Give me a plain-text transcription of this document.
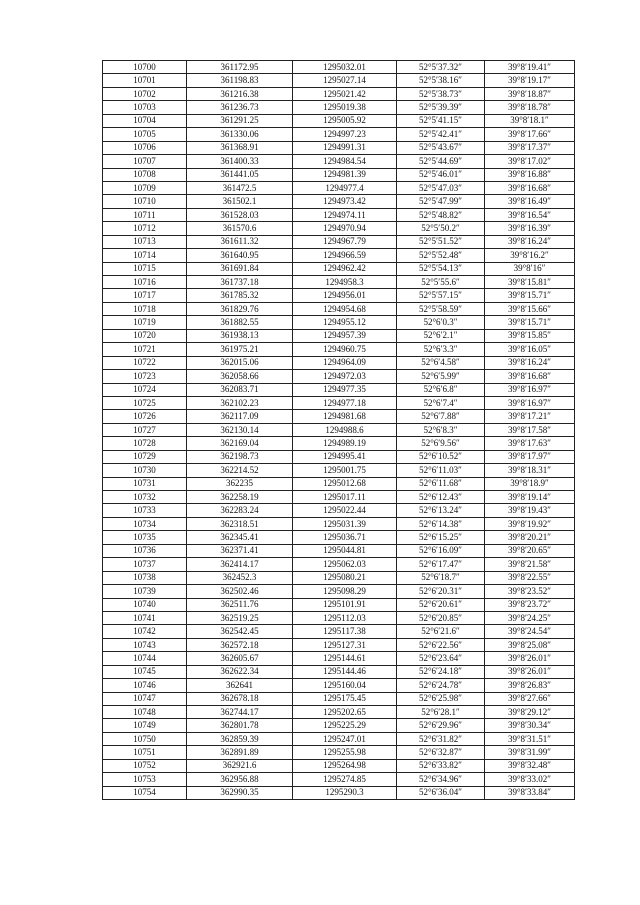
10700	361172.95	1295032.01	52°5′37.32″	39°8′19.41″
10701	361198.83	1295027.14	52°5′38.16″	39°8′19.17″
10702	361216.38	1295021.42	52°5′38.73″	39°8′18.87″
10703	361236.73	1295019.38	52°5′39.39″	39°8′18.78″
10704	361291.25	1295005.92	52°5′41.15″	39°8′18.1″
10705	361330.06	1294997.23	52°5′42.41″	39°8′17.66″
10706	361368.91	1294991.31	52°5′43.67″	39°8′17.37″
10707	361400.33	1294984.54	52°5′44.69″	39°8′17.02″
10708	361441.05	1294981.39	52°5′46.01″	39°8′16.88″
10709	361472.5	1294977.4	52°5′47.03″	39°8′16.68″
10710	361502.1	1294973.42	52°5′47.99″	39°8′16.49″
10711	361528.03	1294974.11	52°5′48.82″	39°8′16.54″
10712	361570.6	1294970.94	52°5′50.2″	39°8′16.39″
10713	361611.32	1294967.79	52°5′51.52″	39°8′16.24″
10714	361640.95	1294966.59	52°5′52.48″	39°8′16.2″
10715	361691.84	1294962.42	52°5′54.13″	39°8′16″
10716	361737.18	1294958.3	52°5′55.6″	39°8′15.81″
10717	361785.32	1294956.01	52°5′57.15″	39°8′15.71″
10718	361829.76	1294954.68	52°5′58.59″	39°8′15.66″
10719	361882.55	1294955.12	52°6′0.3″	39°8′15.71″
10720	361938.13	1294957.39	52°6′2.1″	39°8′15.85″
10721	361975.21	1294960.75	52°6′3.3″	39°8′16.05″
10722	362015.06	1294964.09	52°6′4.58″	39°8′16.24″
10723	362058.66	1294972.03	52°6′5.99″	39°8′16.68″
10724	362083.71	1294977.35	52°6′6.8″	39°8′16.97″
10725	362102.23	1294977.18	52°6′7.4″	39°8′16.97″
10726	362117.09	1294981.68	52°6′7.88″	39°8′17.21″
10727	362130.14	1294988.6	52°6′8.3″	39°8′17.58″
10728	362169.04	1294989.19	52°6′9.56″	39°8′17.63″
10729	362198.73	1294995.41	52°6′10.52″	39°8′17.97″
10730	362214.52	1295001.75	52°6′11.03″	39°8′18.31″
10731	362235	1295012.68	52°6′11.68″	39°8′18.9″
10732	362258.19	1295017.11	52°6′12.43″	39°8′19.14″
10733	362283.24	1295022.44	52°6′13.24″	39°8′19.43″
10734	362318.51	1295031.39	52°6′14.38″	39°8′19.92″
10735	362345.41	1295036.71	52°6′15.25″	39°8′20.21″
10736	362371.41	1295044.81	52°6′16.09″	39°8′20.65″
10737	362414.17	1295062.03	52°6′17.47″	39°8′21.58″
10738	362452.3	1295080.21	52°6′18.7″	39°8′22.55″
10739	362502.46	1295098.29	52°6′20.31″	39°8′23.52″
10740	362511.76	1295101.91	52°6′20.61″	39°8′23.72″
10741	362519.25	1295112.03	52°6′20.85″	39°8′24.25″
10742	362542.45	1295117.38	52°6′21.6″	39°8′24.54″
10743	362572.18	1295127.31	52°6′22.56″	39°8′25.08″
10744	362605.67	1295144.61	52°6′23.64″	39°8′26.01″
10745	362622.34	1295144.46	52°6′24.18″	39°8′26.01″
10746	362641	1295160.04	52°6′24.78″	39°8′26.83″
10747	362678.18	1295175.45	52°6′25.98″	39°8′27.66″
10748	362744.17	1295202.65	52°6′28.1″	39°8′29.12″
10749	362801.78	1295225.29	52°6′29.96″	39°8′30.34″
10750	362859.39	1295247.01	52°6′31.82″	39°8′31.51″
10751	362891.89	1295255.98	52°6′32.87″	39°8′31.99″
10752	362921.6	1295264.98	52°6′33.82″	39°8′32.48″
10753	362956.88	1295274.85	52°6′34.96″	39°8′33.02″
10754	362990.35	1295290.3	52°6′36.04″	39°8′33.84″
